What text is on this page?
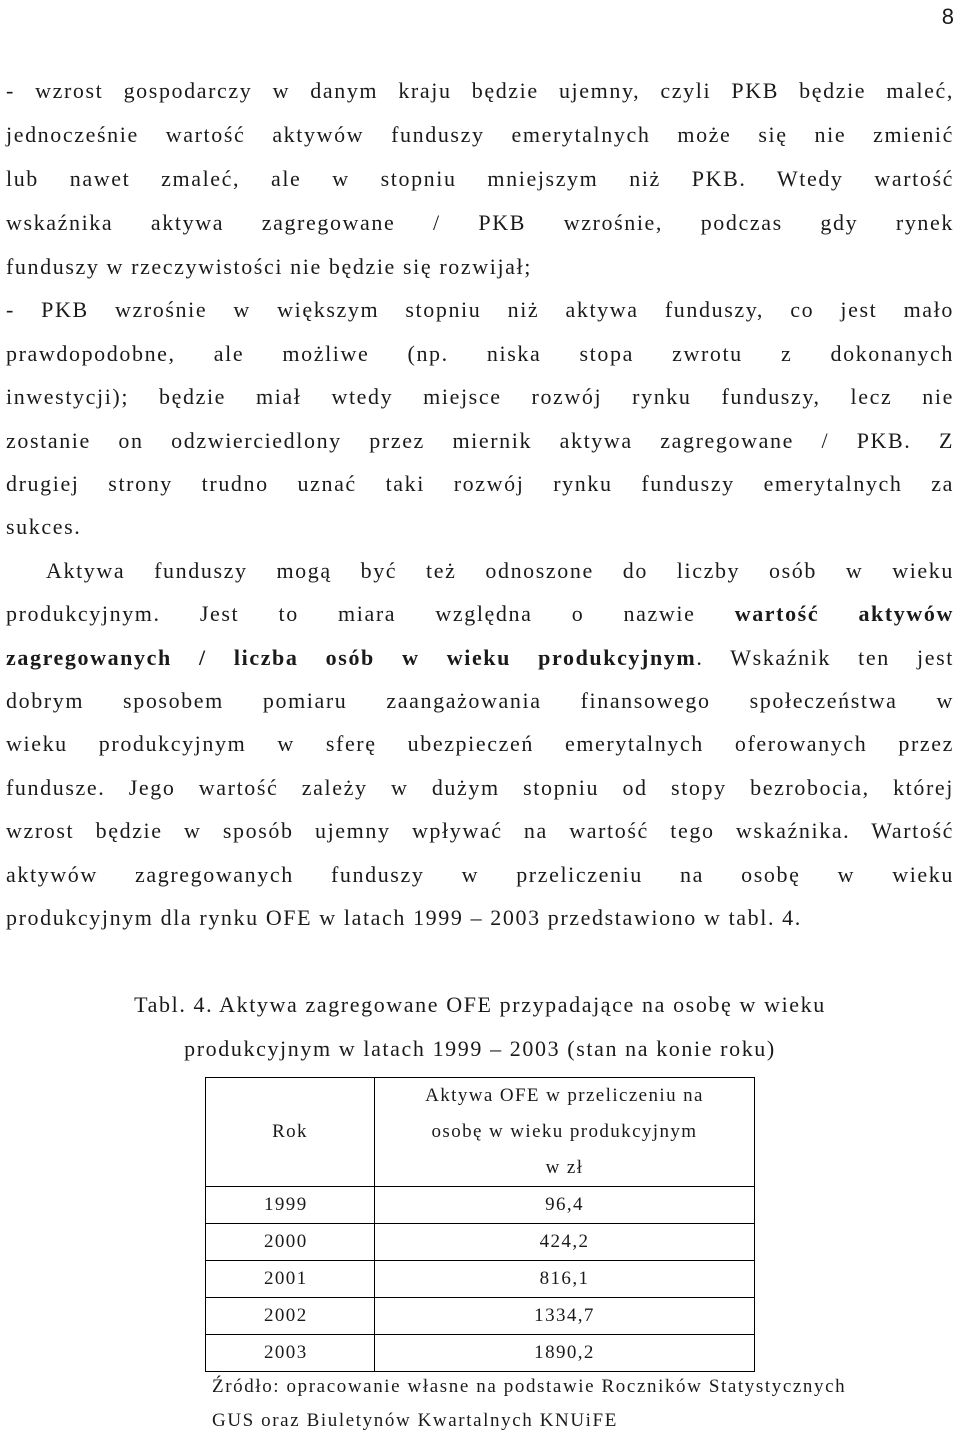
8
- wzrost gospodarczy w danym kraju będzie ujemny, czyli PKB będzie maleć,
jednocześnie wartość aktywów funduszy emerytalnych może się nie zmienić
lub nawet zmaleć, ale w stopniu mniejszym niż PKB. Wtedy wartość
wskaźnika aktywa zagregowane / PKB wzrośnie, podczas gdy rynek
funduszy w rzeczywistości nie będzie się rozwijał;
- PKB wzrośnie w większym stopniu niż aktywa funduszy, co jest mało
prawdopodobne, ale możliwe (np. niska stopa zwrotu z dokonanych
inwestycji); będzie miał wtedy miejsce rozwój rynku funduszy, lecz nie
zostanie on odzwierciedlony przez miernik aktywa zagregowane / PKB. Z
drugiej strony trudno uznać taki rozwój rynku funduszy emerytalnych za
sukces.
Aktywa funduszy mogą być też odnoszone do liczby osób w wieku
produkcyjnym. Jest to miara względna o nazwie wartość aktywów
zagregowanych / liczba osób w wieku produkcyjnym. Wskaźnik ten jest
dobrym sposobem pomiaru zaangażowania finansowego społeczeństwa w
wieku produkcyjnym w sferę ubezpieczeń emerytalnych oferowanych przez
fundusze. Jego wartość zależy w dużym stopniu od stopy bezrobocia, której
wzrost będzie w sposób ujemny wpływać na wartość tego wskaźnika. Wartość
aktywów zagregowanych funduszy w przeliczeniu na osobę w wieku
produkcyjnym dla rynku OFE w latach 1999 – 2003 przedstawiono w tabl. 4.
Tabl. 4. Aktywa zagregowane OFE przypadające na osobę w wieku
produkcyjnym w latach 1999 – 2003 (stan na konie roku)
Rok	Aktywa OFE w przeliczeniu na
osobę w wieku produkcyjnym
w zł

1999	96,4
2000	424,2
2001	816,1
2002	1334,7
2003	1890,2
Źródło: opracowanie własne na podstawie Roczników Statystycznych
GUS oraz Biuletynów Kwartalnych KNUiFE
